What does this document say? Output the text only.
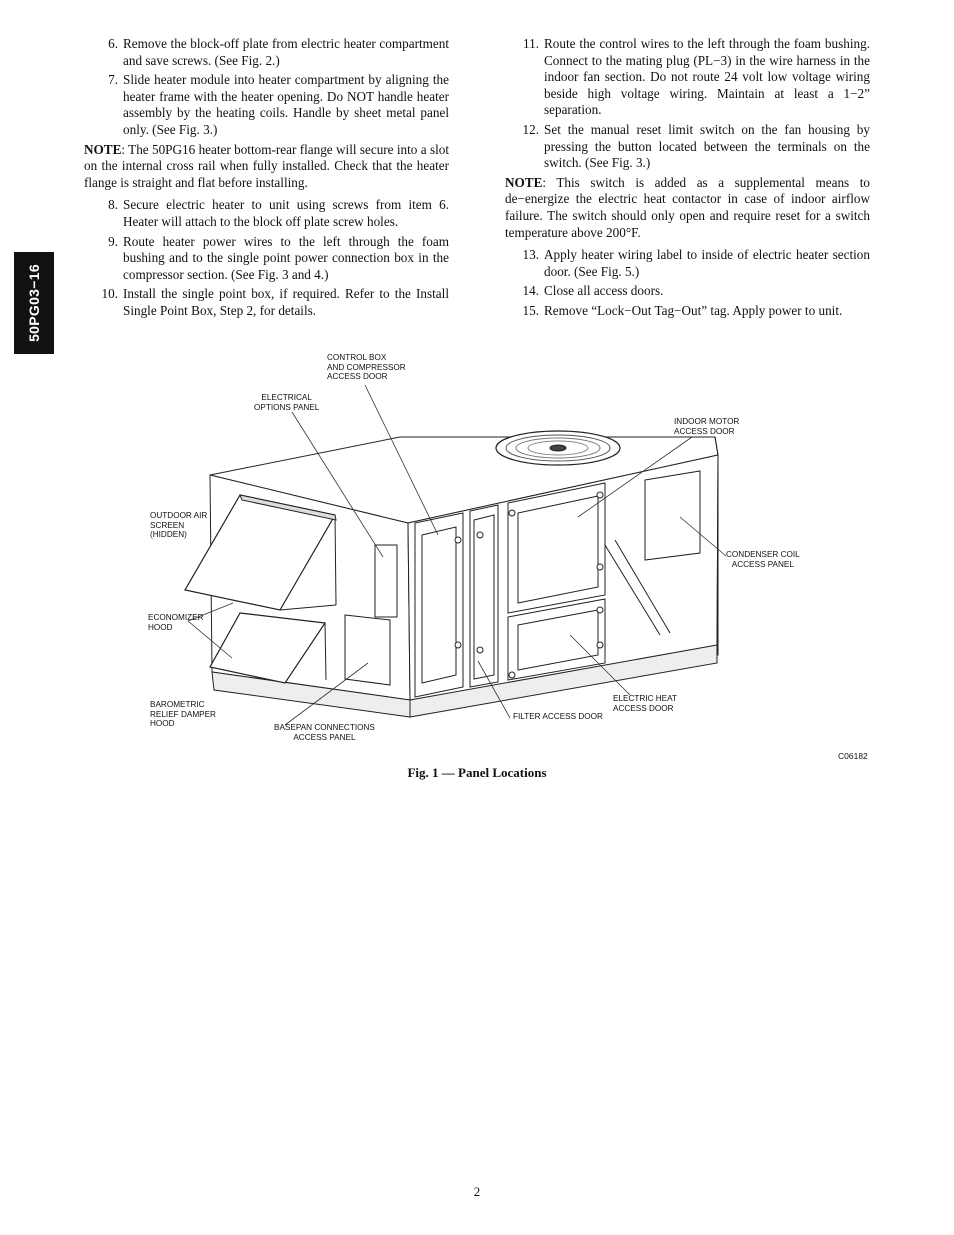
50PG03−16
6. Remove the block-off plate from electric heater compartment and save screws. (See Fig. 2.)
7. Slide heater module into heater compartment by aligning the heater frame with the heater opening. Do NOT handle heater assembly by the heating coils. Handle by sheet metal panel only. (See Fig. 3.)
NOTE: The 50PG16 heater bottom-rear flange will secure into a slot on the internal cross rail when fully installed. Check that the heater flange is straight and flat before installing.
8. Secure electric heater to unit using screws from item 6. Heater will attach to the block off plate screw holes.
9. Route heater power wires to the left through the foam bushing and to the single point power connection box in the compressor section. (See Fig. 3 and 4.)
10. Install the single point box, if required. Refer to the Install Single Point Box, Step 2, for details.
11. Route the control wires to the left through the foam bushing. Connect to the mating plug (PL−3) in the wire harness in the indoor fan section. Do not route 24 volt low voltage wiring beside high voltage wiring. Maintain at least a 1−2” separation.
12. Set the manual reset limit switch on the fan housing by pressing the button located between the terminals on the switch. (See Fig. 3.)
NOTE: This switch is added as a supplemental means to de−energize the electric heat contactor in case of indoor airflow failure. The switch should only open and require reset for a switch temperature above 200°F.
13. Apply heater wiring label to inside of electric heater section door. (See Fig. 5.)
14. Close all access doors.
15. Remove “Lock−Out Tag−Out” tag. Apply power to unit.
CONTROL BOX
AND COMPRESSOR
ACCESS DOOR
ELECTRICAL
OPTIONS PANEL
INDOOR MOTOR
ACCESS DOOR
OUTDOOR AIR
SCREEN
(HIDDEN)
CONDENSER COIL
ACCESS PANEL
ECONOMIZER
HOOD
BAROMETRIC
RELIEF DAMPER
HOOD	BASEPAN CONNECTIONS
ACCESS PANEL
FILTER ACCESS DOOR
ELECTRIC HEAT
ACCESS DOOR
C06182
Fig. 1 — Panel Locations
2
